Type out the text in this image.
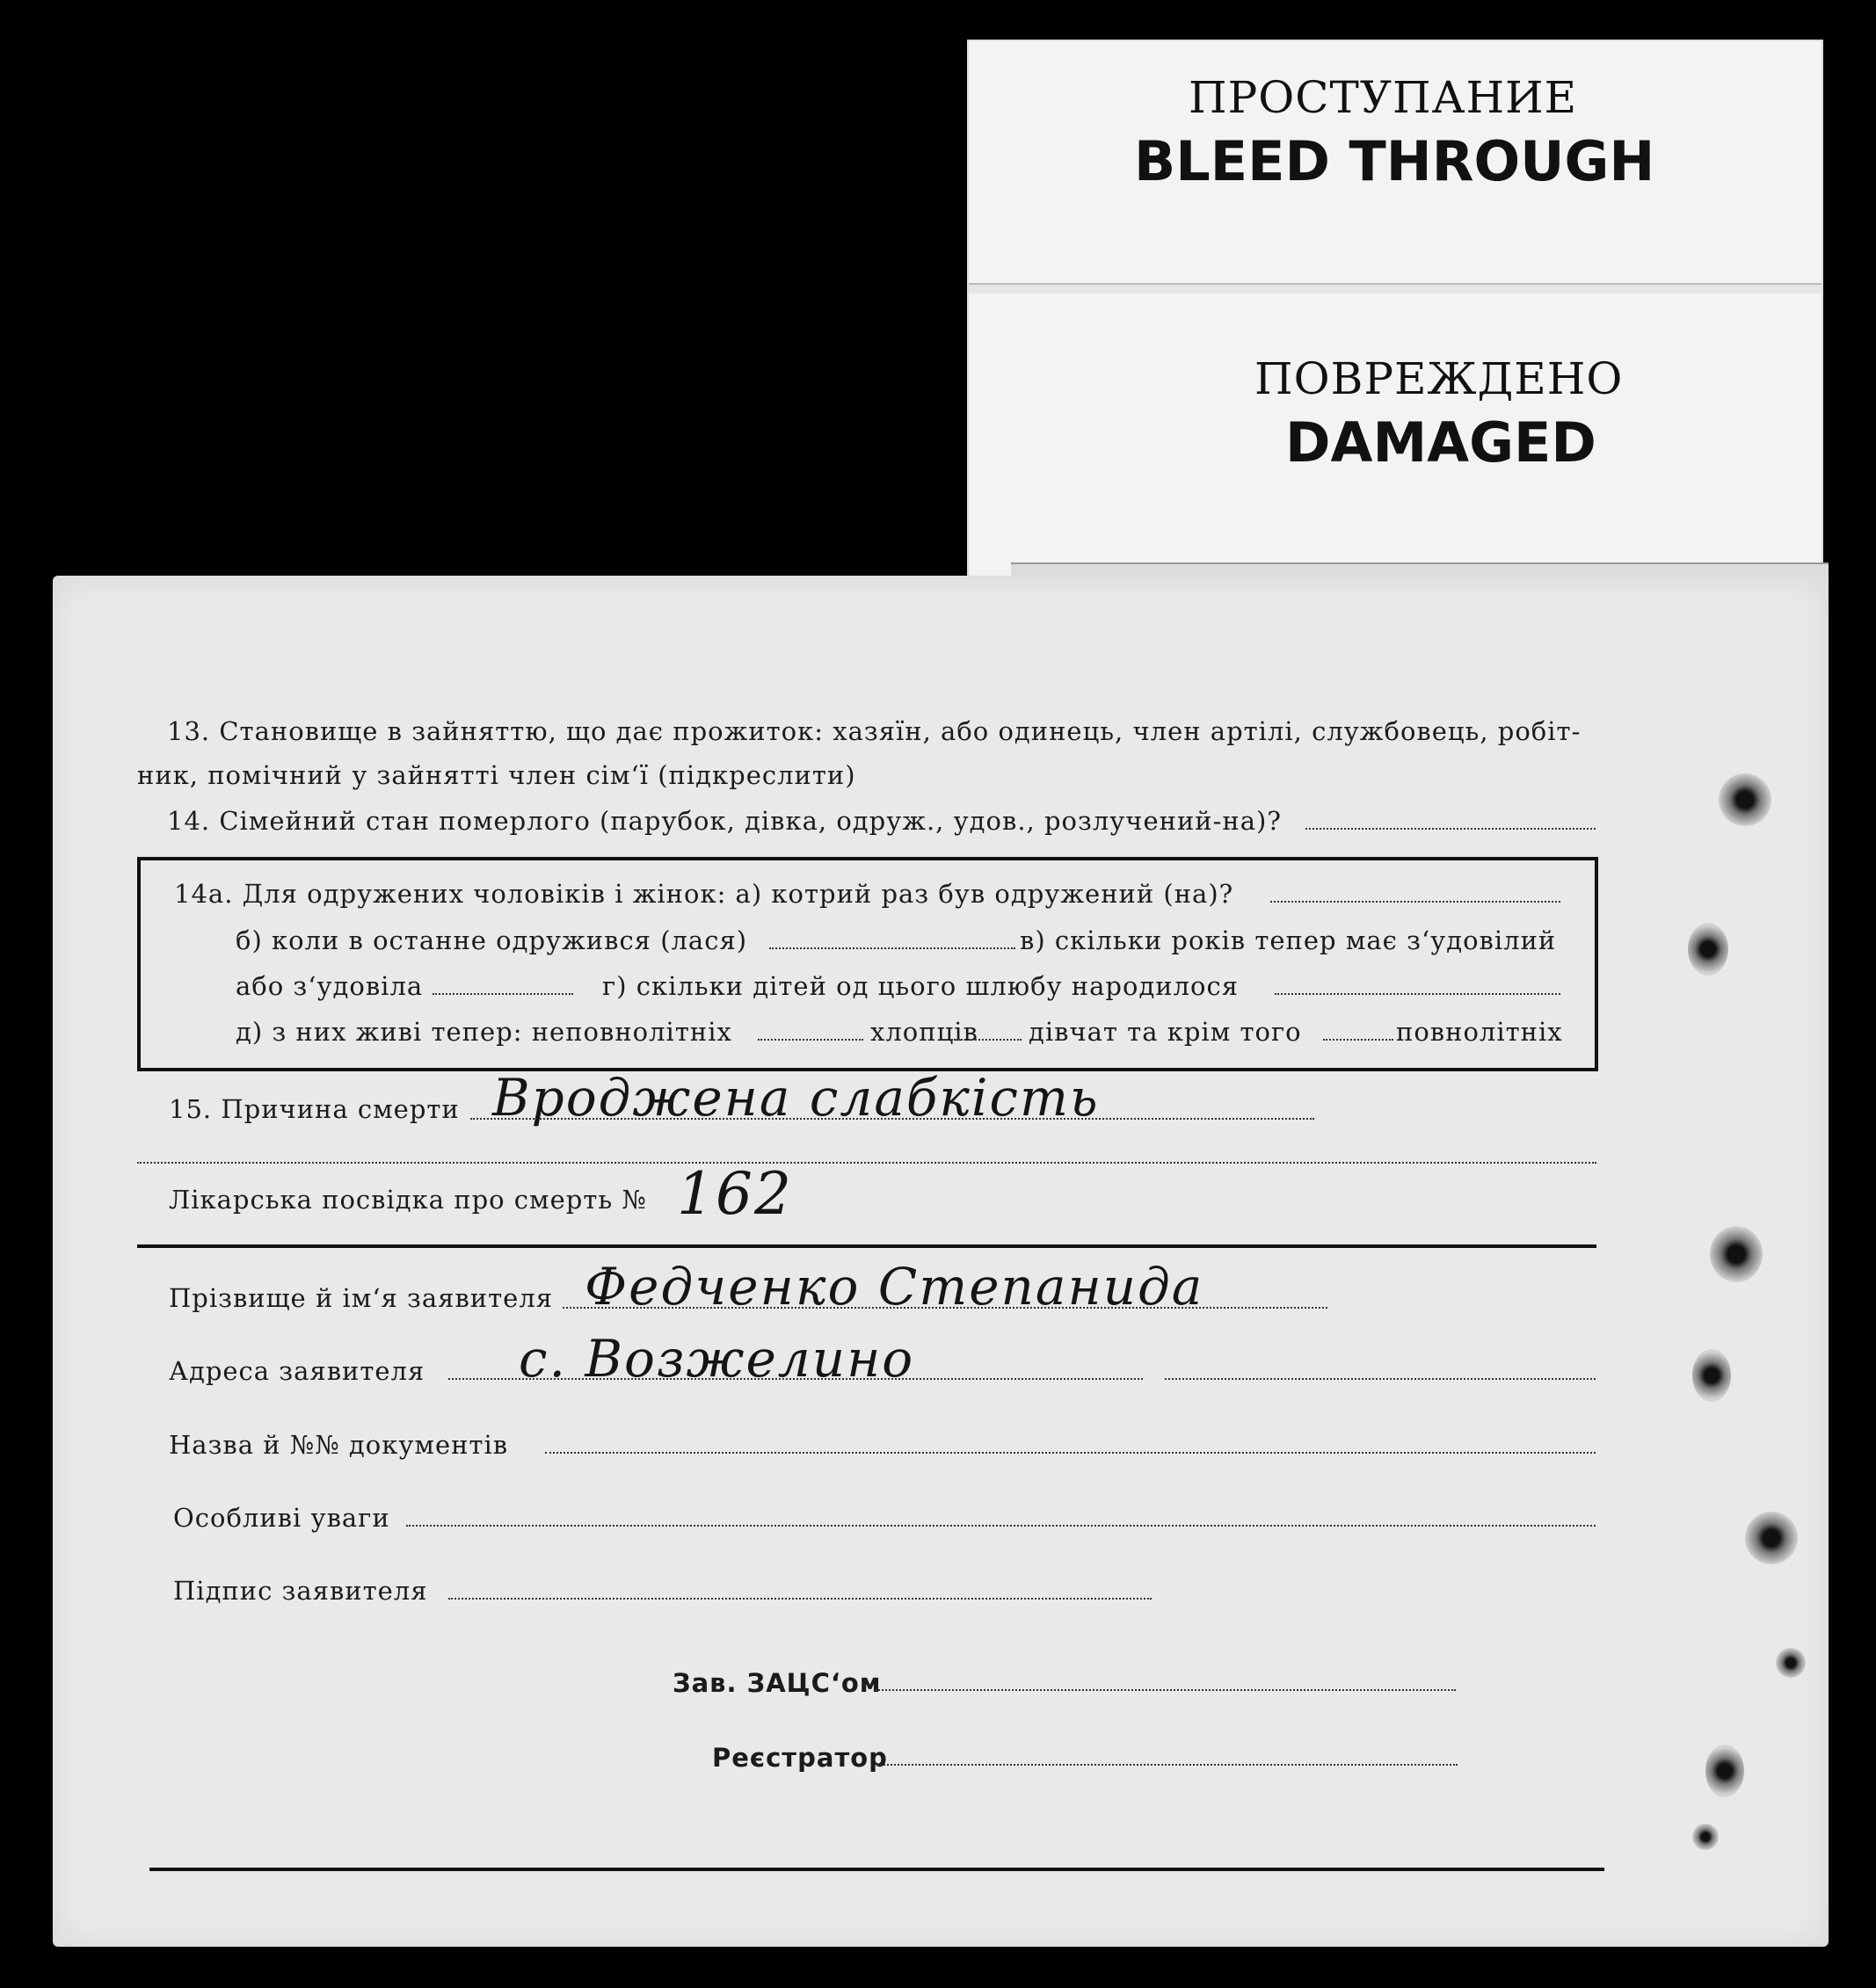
ПРОСТУПАНИЕ
BLEED THROUGH
ПОВРЕЖДЕНО
DAMAGED
13. Становище в зайняттю, що дає прожиток: хазяїн, або одинець, член артілі, службовець, робіт-
ник, помічний у зайнятті член сім‘ї (підкреслити)
14. Сімейний стан померлого (парубок, дівка, одруж., удов., розлучений-на)?
14а. Для одружених чоловіків і жінок: а) котрий раз був одружений (на)?
б) коли в останне одружився (лася)	в) скільки років тепер має з‘удовілий
або з‘удовіла	г) скільки дітей од цього шлюбу народилося
д) з них живі тепер: неповнолітніх	хлопців дівчат та крім того	повнолітніх
15. Причина смерти Вроджена слабкість
Лікарська посвідка про смерть № 162
Прізвище й ім‘я заявителя Федченко Степанида
Адреса заявителя с. Возжелино
Назва й №№ документів
Особливі уваги
Підпис заявителя
Зав. ЗАЦС‘ом
Реєстратор
